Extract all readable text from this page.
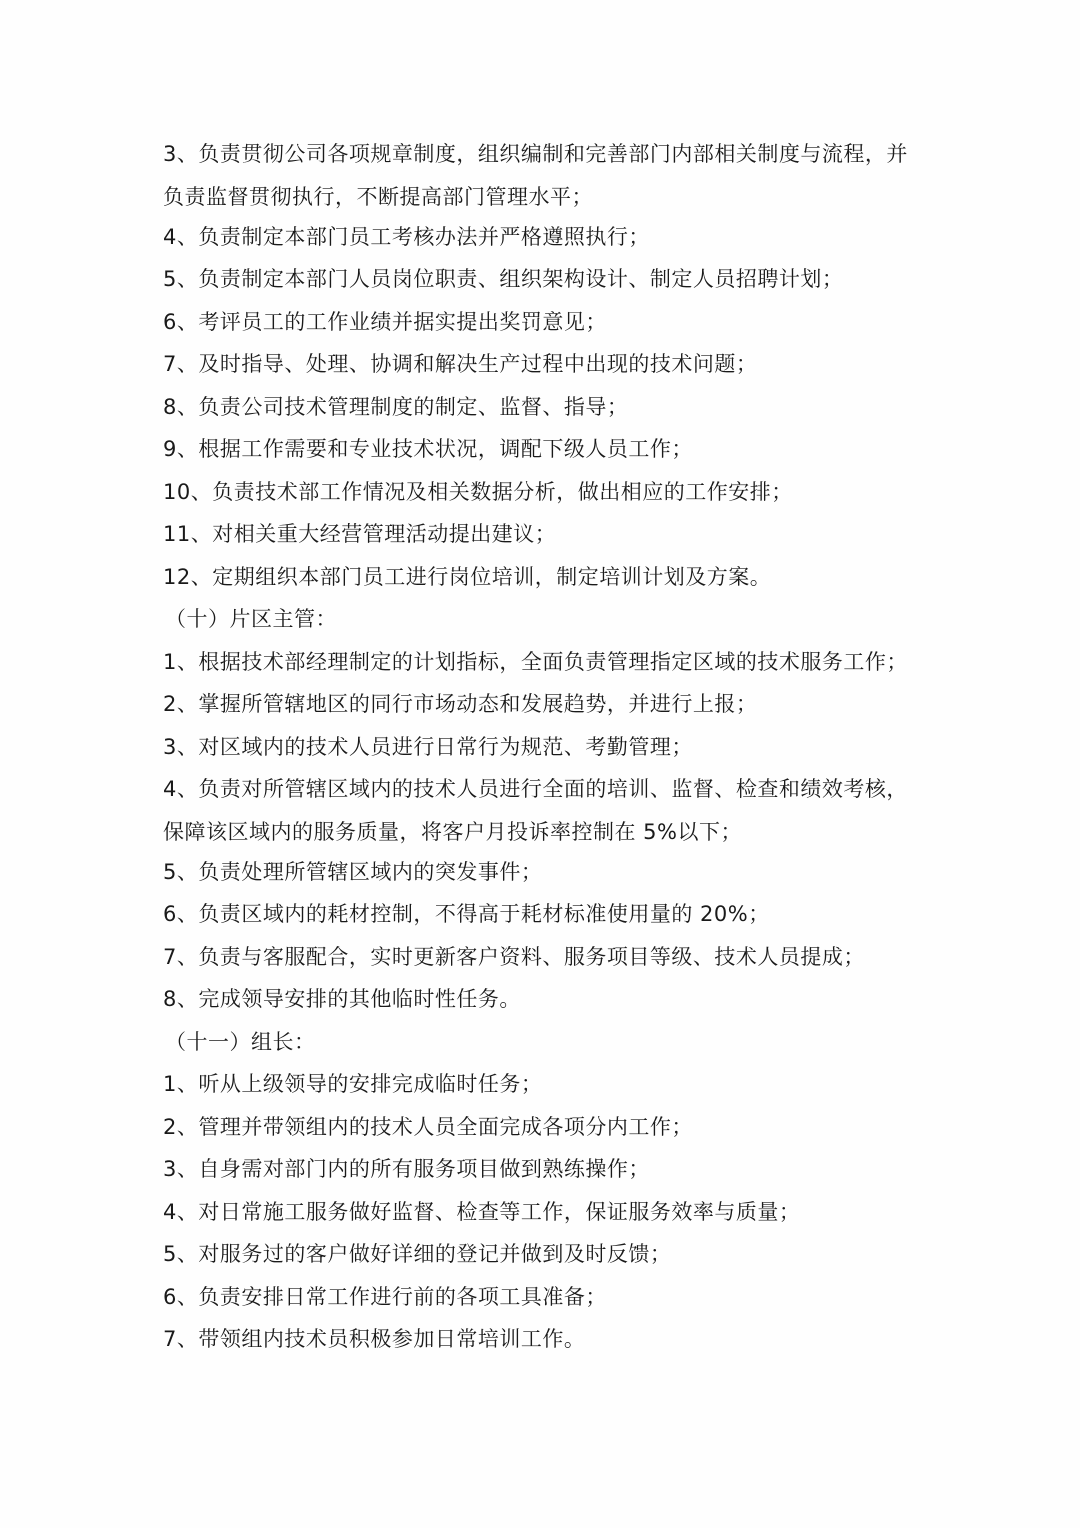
3、负责贯彻公司各项规章制度，组织编制和完善部门内部相关制度与流程，并
负责监督贯彻执行，不断提高部门管理水平；
4、负责制定本部门员工考核办法并严格遵照执行；
5、负责制定本部门人员岗位职责、组织架构设计、制定人员招聘计划；
6、考评员工的工作业绩并据实提出奖罚意见；
7、及时指导、处理、协调和解决生产过程中出现的技术问题；
8、负责公司技术管理制度的制定、监督、指导；
9、根据工作需要和专业技术状况，调配下级人员工作；
10、负责技术部工作情况及相关数据分析，做出相应的工作安排；
11、对相关重大经营管理活动提出建议；
12、定期组织本部门员工进行岗位培训，制定培训计划及方案。
（十）片区主管：
1、根据技术部经理制定的计划指标，全面负责管理指定区域的技术服务工作；
2、掌握所管辖地区的同行市场动态和发展趋势，并进行上报；
3、对区域内的技术人员进行日常行为规范、考勤管理；
4、负责对所管辖区域内的技术人员进行全面的培训、监督、检查和绩效考核，
保障该区域内的服务质量，将客户月投诉率控制在 5%以下；
5、负责处理所管辖区域内的突发事件；
6、负责区域内的耗材控制，不得高于耗材标准使用量的 20%；
7、负责与客服配合，实时更新客户资料、服务项目等级、技术人员提成；
8、完成领导安排的其他临时性任务。
（十一）组长：
1、听从上级领导的安排完成临时任务；
2、管理并带领组内的技术人员全面完成各项分内工作；
3、自身需对部门内的所有服务项目做到熟练操作；
4、对日常施工服务做好监督、检查等工作，保证服务效率与质量；
5、对服务过的客户做好详细的登记并做到及时反馈；
6、负责安排日常工作进行前的各项工具准备；
7、带领组内技术员积极参加日常培训工作。
